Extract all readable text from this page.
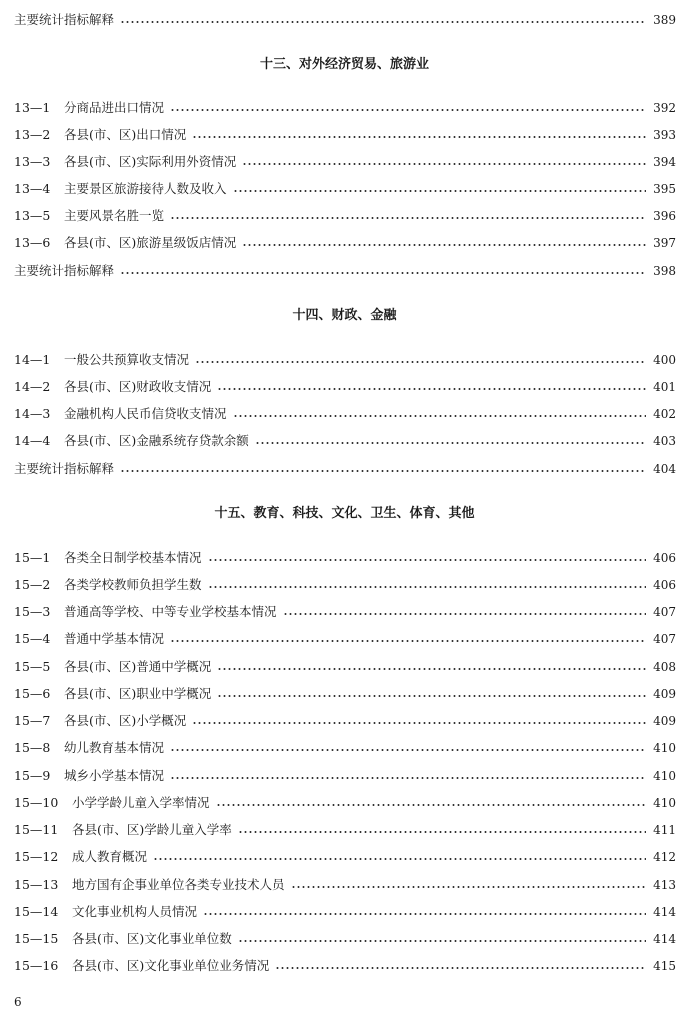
主要统计指标解释	389
十三、对外经济贸易、旅游业
13—1	分商品进出口情况	392
13—2	各县(市、区)出口情况	393
13—3	各县(市、区)实际利用外资情况	394
13—4	主要景区旅游接待人数及收入	395
13—5	主要风景名胜一览	396
13—6	各县(市、区)旅游星级饭店情况	397
主要统计指标解释	398
十四、财政、金融
14—1	一般公共预算收支情况	400
14—2	各县(市、区)财政收支情况	401
14—3	金融机构人民币信贷收支情况	402
14—4	各县(市、区)金融系统存贷款余额	403
主要统计指标解释	404
十五、教育、科技、文化、卫生、体育、其他
15—1	各类全日制学校基本情况	406
15—2	各类学校教师负担学生数	406
15—3	普通高等学校、中等专业学校基本情况	407
15—4	普通中学基本情况	407
15—5	各县(市、区)普通中学概况	408
15—6	各县(市、区)职业中学概况	409
15—7	各县(市、区)小学概况	409
15—8	幼儿教育基本情况	410
15—9	城乡小学基本情况	410
15—10	小学学龄儿童入学率情况	410
15—11	各县(市、区)学龄儿童入学率	411
15—12	成人教育概况	412
15—13	地方国有企事业单位各类专业技术人员	413
15—14	文化事业机构人员情况	414
15—15	各县(市、区)文化事业单位数	414
15—16	各县(市、区)文化事业单位业务情况	415
6
